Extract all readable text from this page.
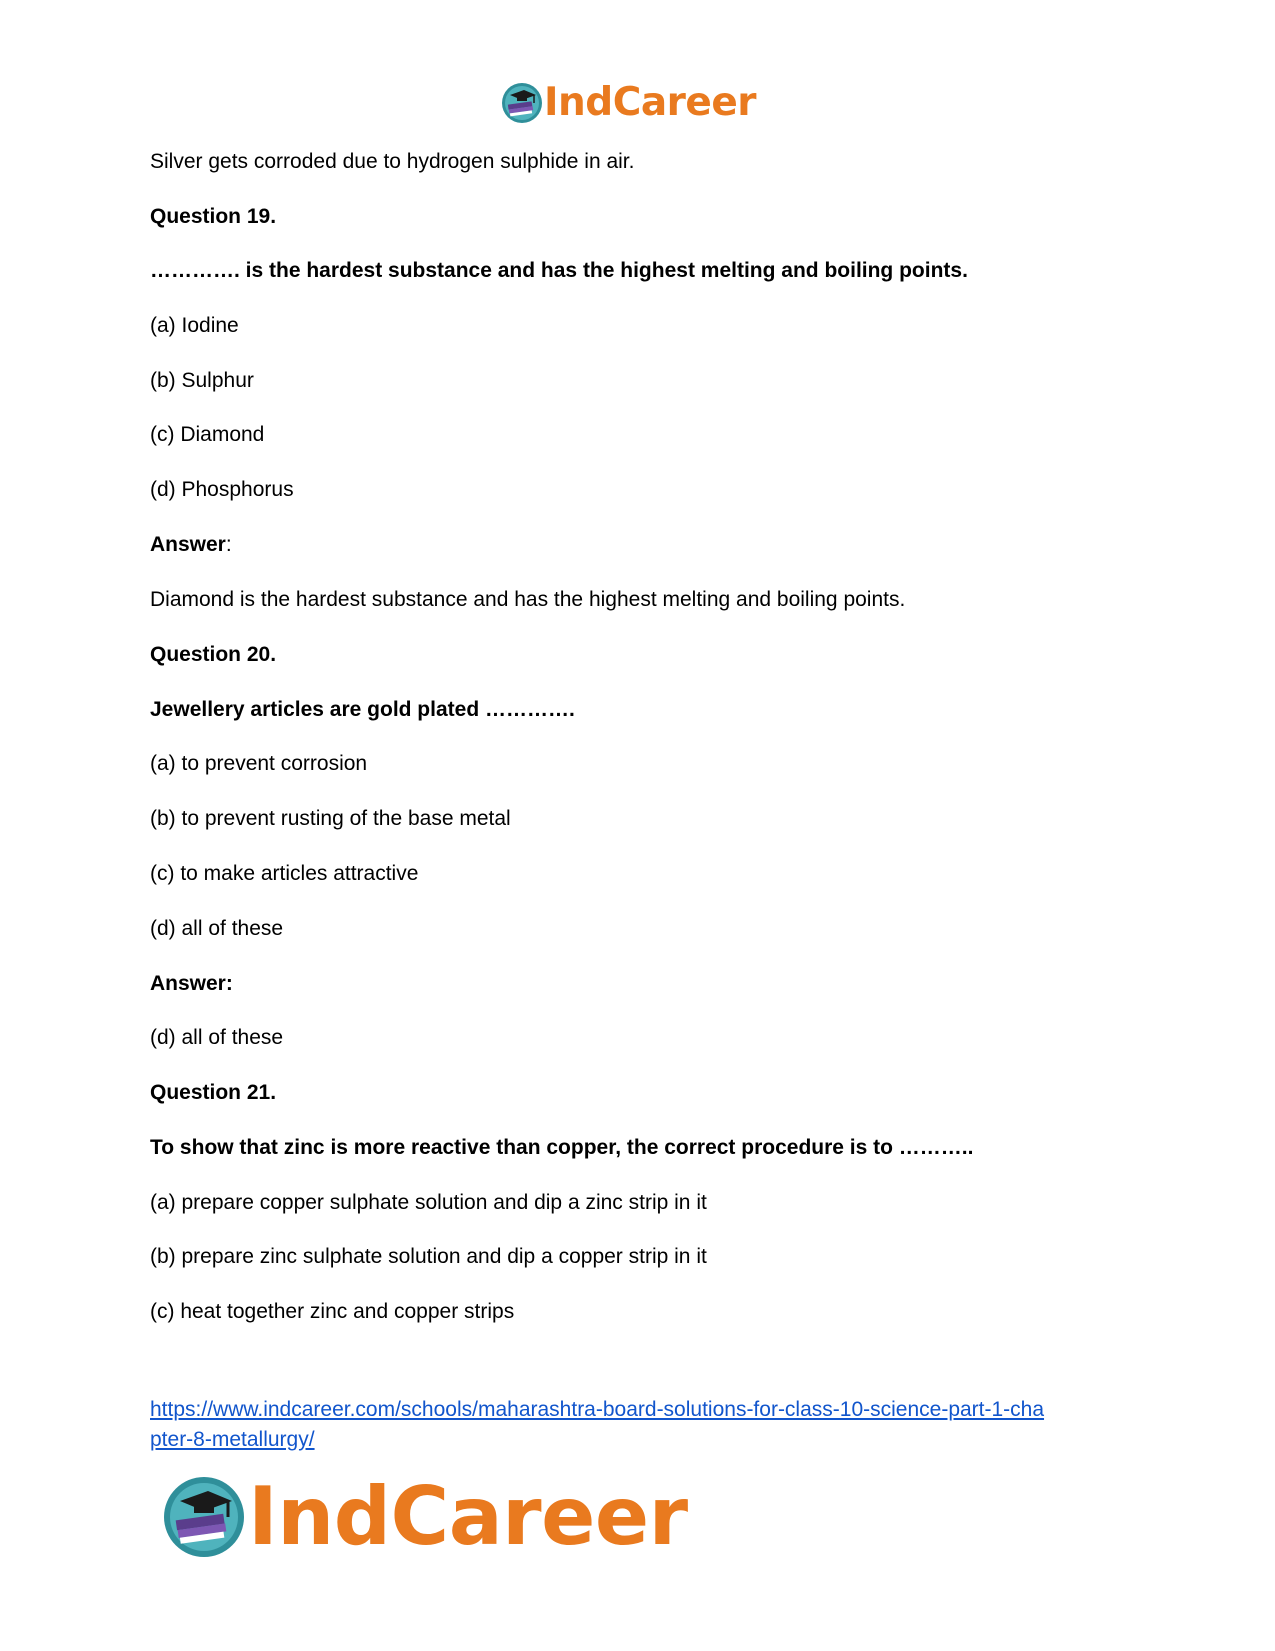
IndCareer
Silver gets corroded due to hydrogen sulphide in air.
Question 19.
…………. is the hardest substance and has the highest melting and boiling points.
(a) Iodine
(b) Sulphur
(c) Diamond
(d) Phosphorus
Answer:
Diamond is the hardest substance and has the highest melting and boiling points.
Question 20.
Jewellery articles are gold plated ………….
(a) to prevent corrosion
(b) to prevent rusting of the base metal
(c) to make articles attractive
(d) all of these
Answer:
(d) all of these
Question 21.
To show that zinc is more reactive than copper, the correct procedure is to ………..
(a) prepare copper sulphate solution and dip a zinc strip in it
(b) prepare zinc sulphate solution and dip a copper strip in it
(c) heat together zinc and copper strips
https://www.indcareer.com/schools/maharashtra-board-solutions-for-class-10-science-part-1-cha
pter-8-metallurgy/
IndCareer
